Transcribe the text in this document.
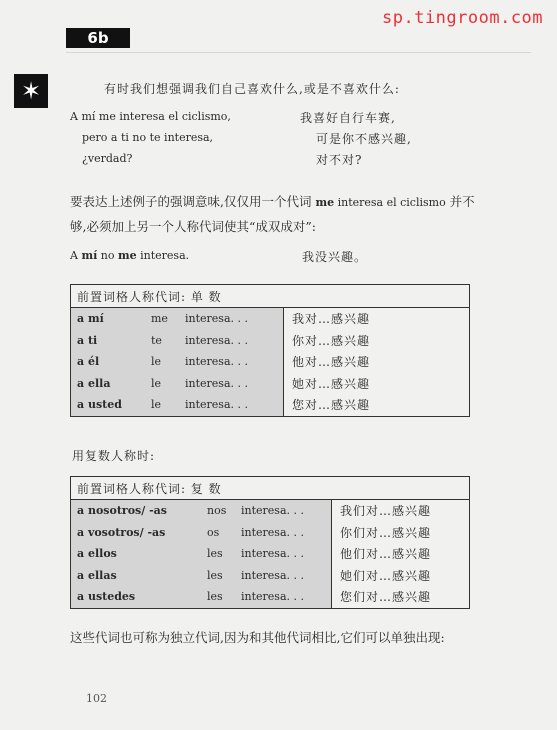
sp.tingroom.com
6b
✶	有时我们想强调我们自己喜欢什么,或是不喜欢什么:
A mí me interesa el ciclismo,
pero a ti no te interesa,
¿verdad?
我喜好自行车赛,
可是你不感兴趣,
对不对?
要表达上述例子的强调意味,仅仅用一个代词 me interesa el ciclismo 并不够,必须加上另一个人称代词使其“成双成对”:
A mí no me interesa.	我没兴趣。
前置词格人称代词: 单 数			
a mí	me	interesa. . .	我对…感兴趣
a ti	te	interesa. . .	你对…感兴趣
a él	le	interesa. . .	他对…感兴趣
a ella	le	interesa. . .	她对…感兴趣
a usted	le	interesa. . .	您对…感兴趣
用复数人称时:
前置词格人称代词: 复 数			
a nosotros/ -as	nos	interesa. . .	我们对…感兴趣
a vosotros/ -as	os	interesa. . .	你们对…感兴趣
a ellos	les	interesa. . .	他们对…感兴趣
a ellas	les	interesa. . .	她们对…感兴趣
a ustedes	les	interesa. . .	您们对…感兴趣
这些代词也可称为独立代词,因为和其他代词相比,它们可以单独出现:
102
